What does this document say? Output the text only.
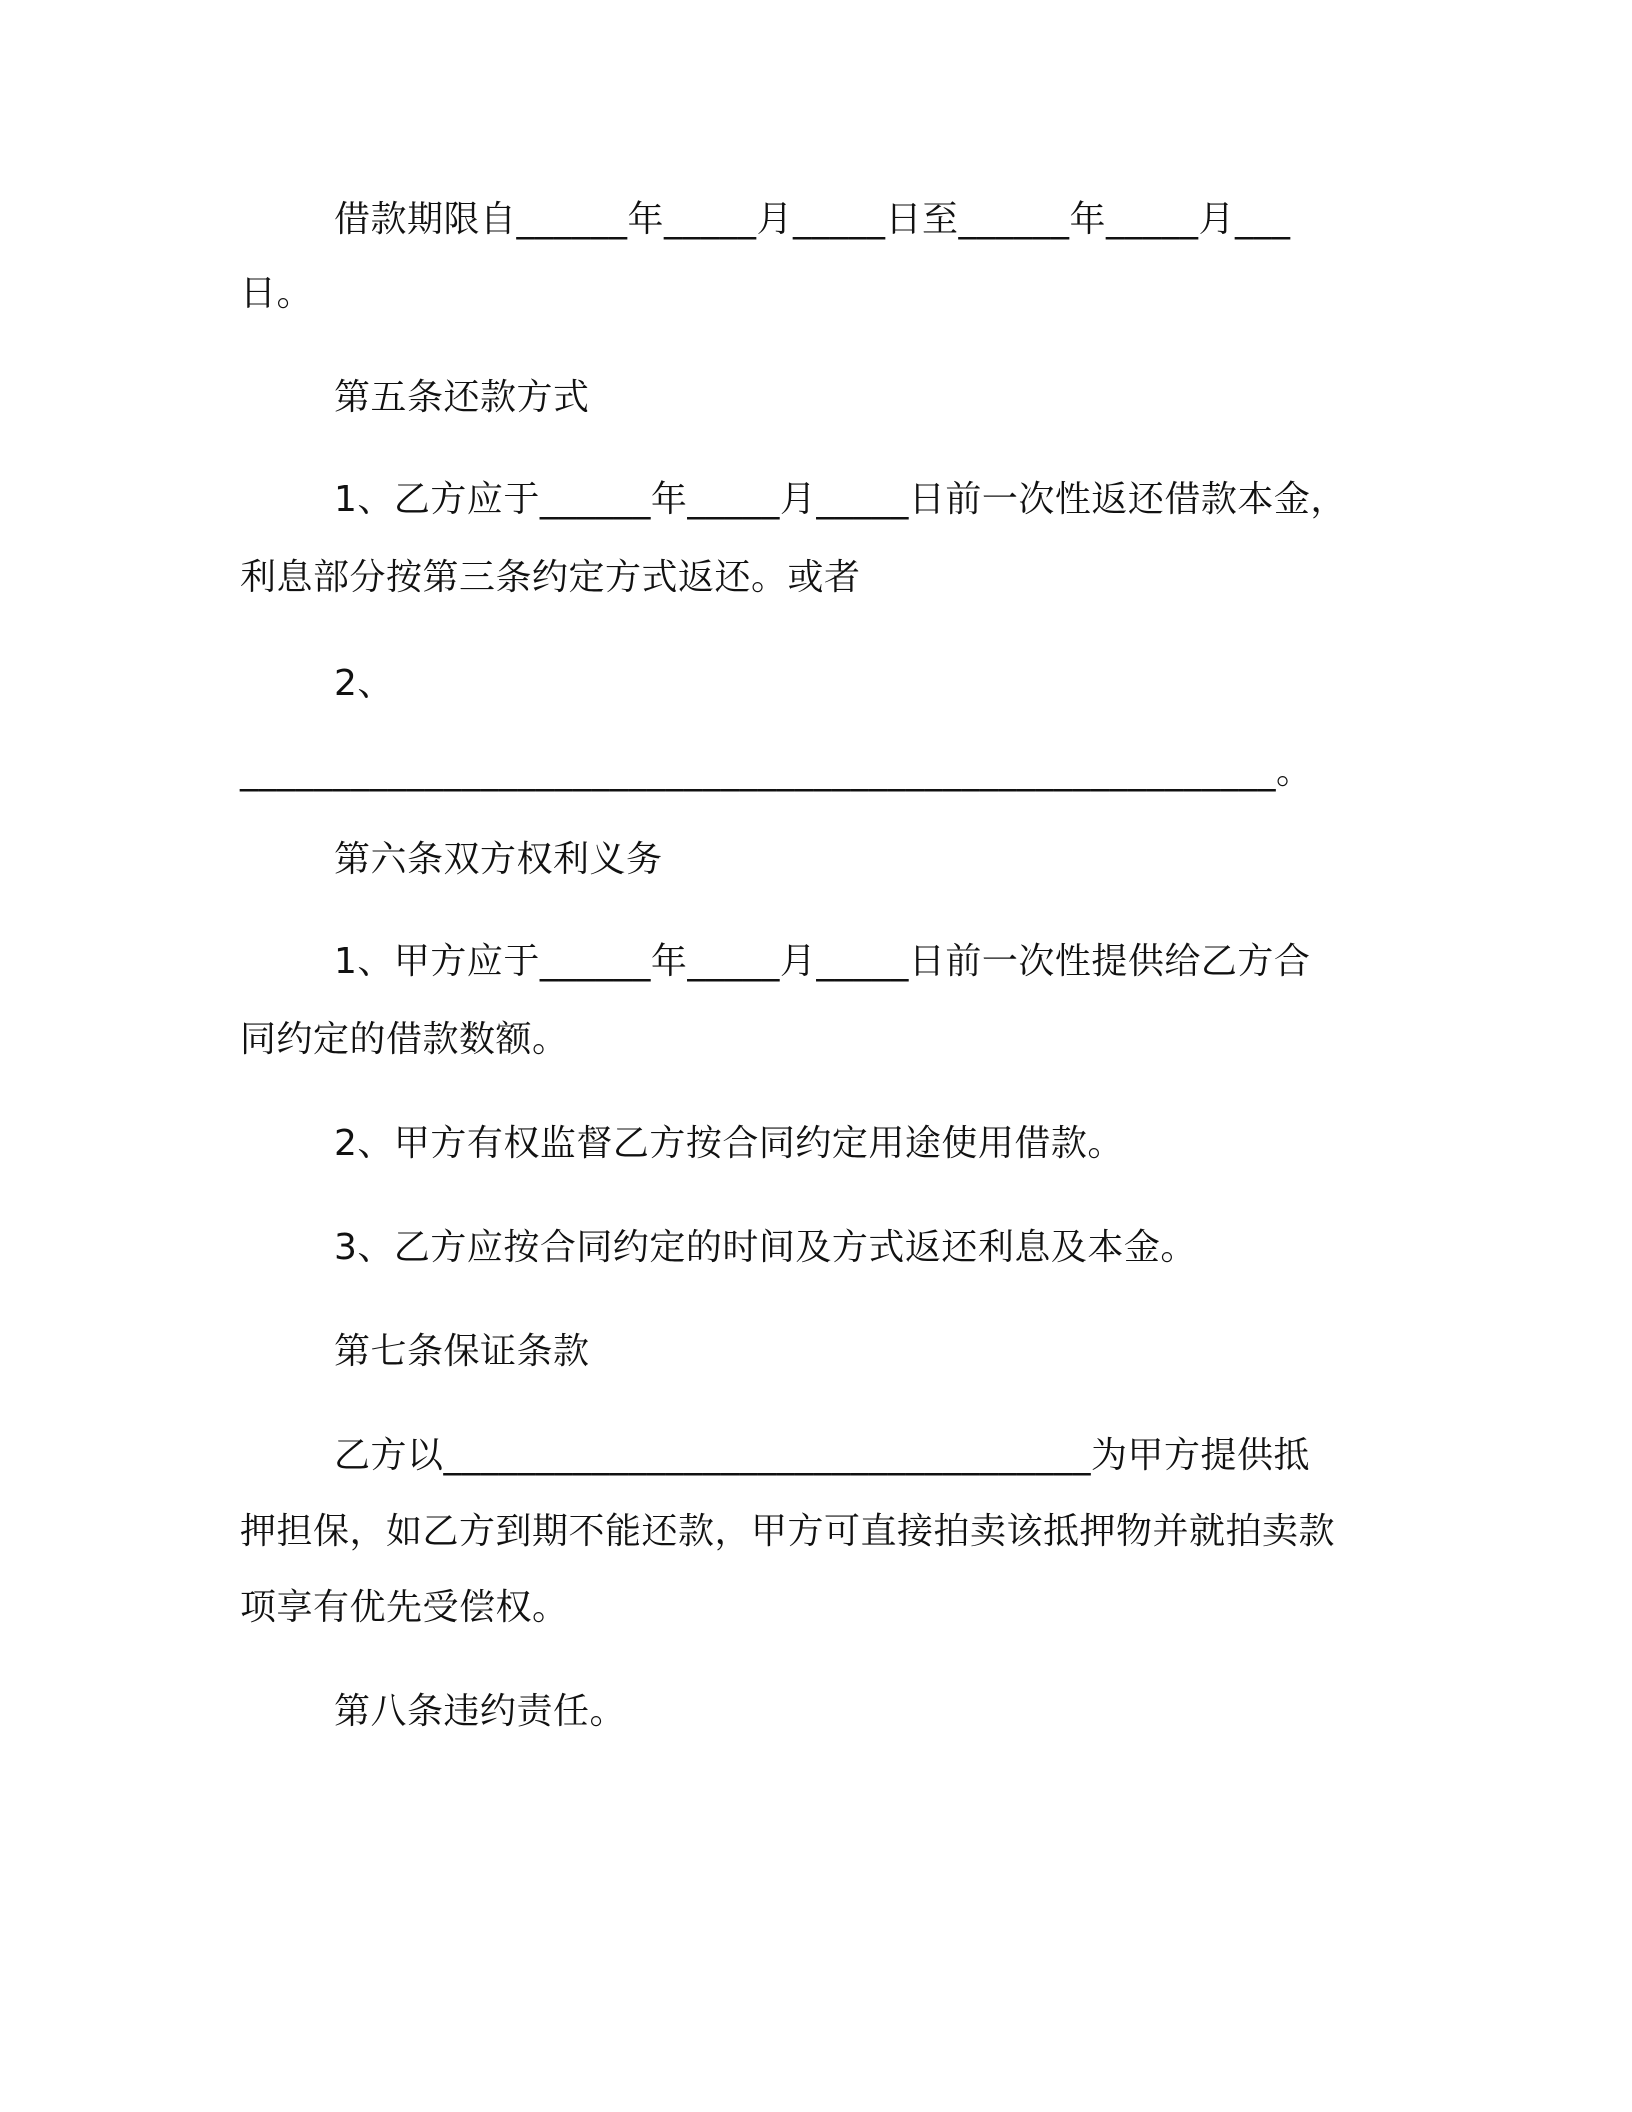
借款期限自______年_____月_____日至______年_____月___
日。
第五条还款方式
1、乙方应于______年_____月_____日前一次性返还借款本金，
利息部分按第三条约定方式返还。或者
2、
________________________________________________________。
第六条双方权利义务
1、甲方应于______年_____月_____日前一次性提供给乙方合
同约定的借款数额。
2、甲方有权监督乙方按合同约定用途使用借款。
3、乙方应按合同约定的时间及方式返还利息及本金。
第七条保证条款
乙方以___________________________________为甲方提供抵
押担保，如乙方到期不能还款，甲方可直接拍卖该抵押物并就拍卖款
项享有优先受偿权。
第八条违约责任。
